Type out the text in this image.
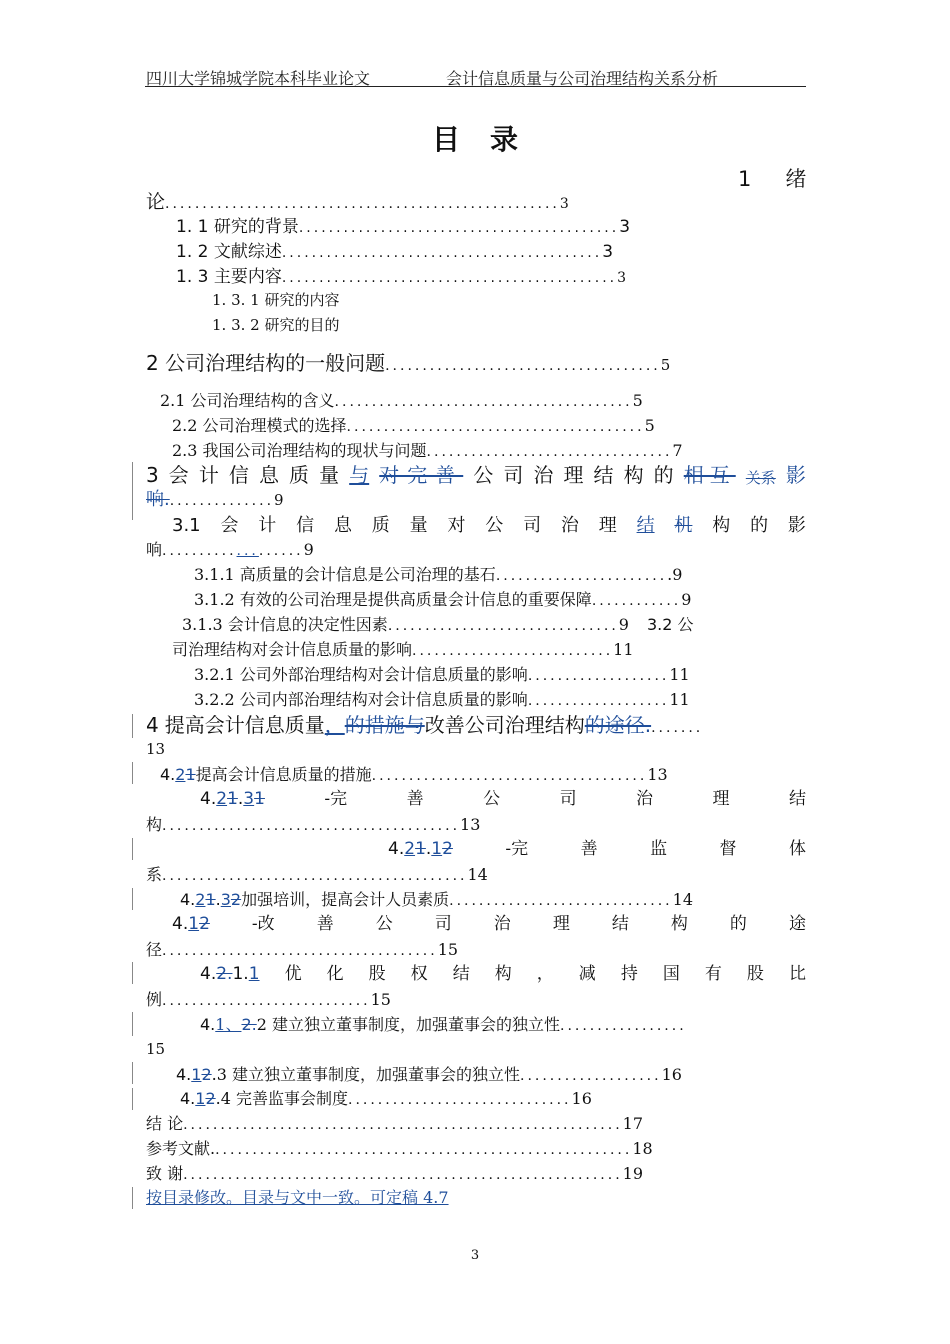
四川大学锦城学院本科毕业论文	会计信息质量与公司治理结构关系分析
目录
1 绪
论.....................................................3
1. 1 研究的背景...........................................3
1. 2 文献综述...........................................3
1. 3 主要内容.............................................3
1. 3. 1 研究的内容
1. 3. 2 研究的目的
2 公司治理结构的一般问题.....................................5
2.1 公司治理结构的含义........................................5
2.2 公司治理模式的选择........................................5
2.3 我国公司治理结构的现状与问题.................................7
3 会 计 信 息 质 量 与 对完善 公 司 治 理 结 构 的 相互 关系 影
响...............9
3.1 会 计 信 息 质 量 对 公 司 治 理 结 机 构 的 影
响...................9
3.1.1 高质量的会计信息是公司治理的基石........................9
3.1.2 有效的公司治理是提供高质量会计信息的重要保障............9
3.1.3 会计信息的决定性因素...............................9 3.2 公
司治理结构对会计信息质量的影响...........................11
3.2.1 公司外部治理结构对会计信息质量的影响...................11
3.2.2 公司内部治理结构对会计信息质量的影响...................11
4 提高会计信息质量，的措施与改善公司治理结构的途径........
13
4.21提高会计信息质量的措施.....................................13
4.21.31	-完	善	公	司	治	理	结
构........................................13
4.21.12	-完	善	监	督	体
系.........................................14
4.21.32加强培训，提高会计人员素质..............................14
4.12 -改 善 公 司 治 理 结 构 的 途
径.....................................15
4.2.1.1 优 化 股 权 结 构 ， 减 持 国 有 股 比
例............................15
4.1、2.2 建立独立董事制度，加强董事会的独立性.................
15
4.12.3 建立独立董事制度，加强董事会的独立性...................16
4.12.4 完善监事会制度..............................16
结 论...........................................................17
参考文献.........................................................18
致 谢...........................................................19
按目录修改。目录与文中一致。可定稿 4.7
3
